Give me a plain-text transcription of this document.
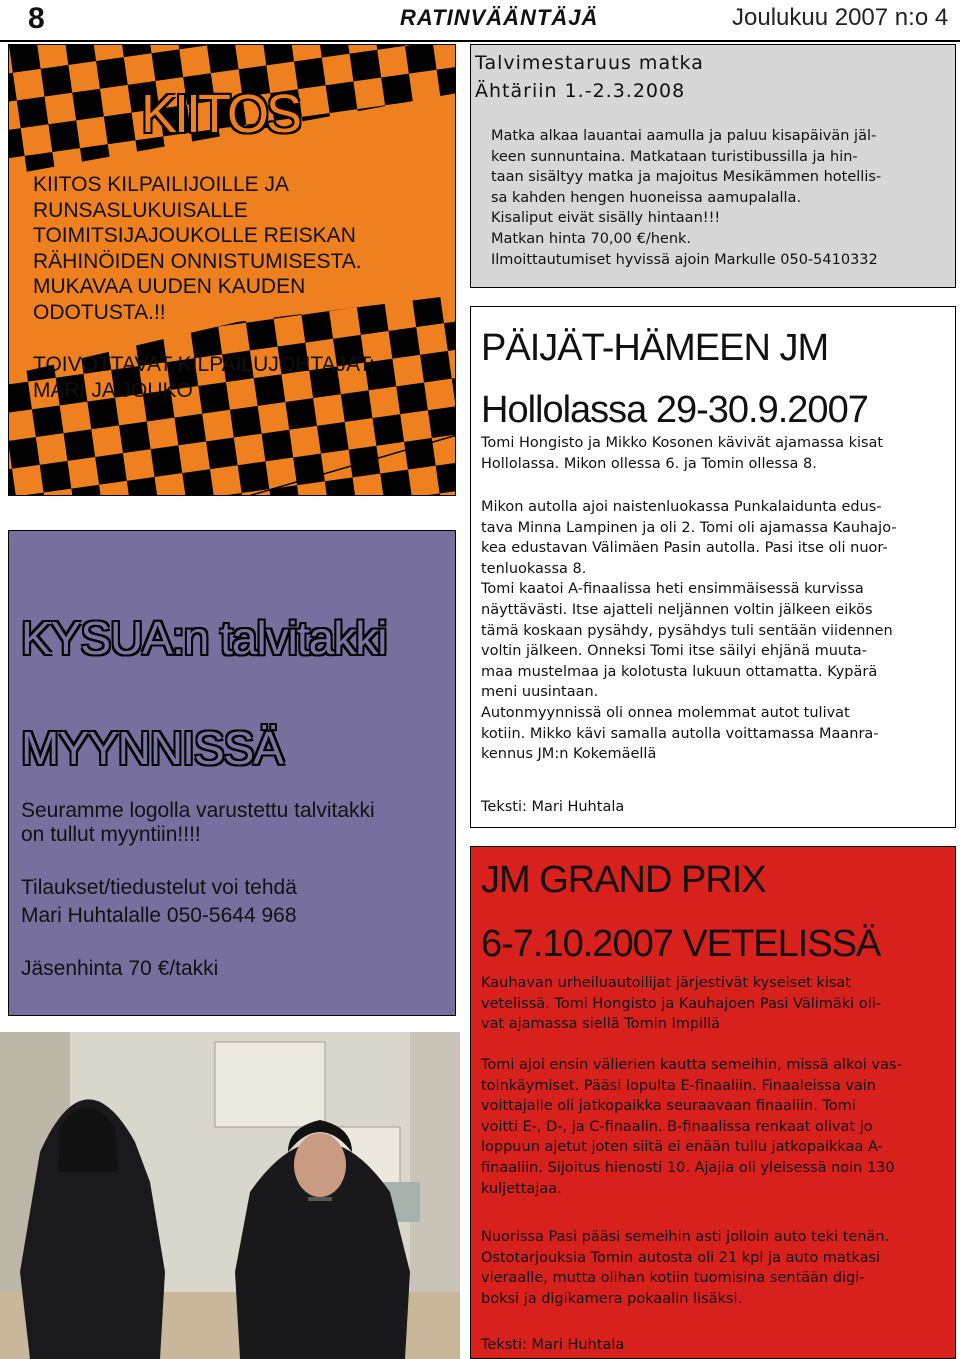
8	RATINVÄÄNTÄJÄ	Joulukuu 2007 n:o 4
KIITOS
KIITOS KILPAILIJOILLE JA
RUNSASLUKUISALLE
TOIMITSIJAJOUKOLLE REISKAN
RÄHINÖIDEN ONNISTUMISESTA.
MUKAVAA UUDEN KAUDEN
ODOTUSTA.!!
TOIVOTTAVAT KILPAILUJOHTAJAT:
MARI JA JOUKO
KYSUA:n talvitakki
MYYNNISSÄ
Seuramme logolla varustettu talvitakki
on tullut myyntiin!!!!
Tilaukset/tiedustelut voi tehdä
Mari Huhtalalle 050-5644 968
Jäsenhinta 70 €/takki
Talvimestaruus matka
Ähtäriin 1.-2.3.2008
Matka alkaa lauantai aamulla ja paluu kisapäivän jäl-
keen sunnuntaina. Matkataan turistibussilla ja hin-
taan sisältyy matka ja majoitus Mesikämmen hotellis-
sa kahden hengen huoneissa aamupalalla.
Kisaliput eivät sisälly hintaan!!!
Matkan hinta 70,00 €/henk.
Ilmoittautumiset hyvissä ajoin Markulle 050-5410332
PÄIJÄT-HÄMEEN JM
Hollolassa 29-30.9.2007
Tomi Hongisto ja Mikko Kosonen kävivät ajamassa kisat
Hollolassa. Mikon ollessa 6. ja Tomin ollessa 8.
Mikon autolla ajoi naistenluokassa Punkalaidunta edus-
tava Minna Lampinen ja oli 2. Tomi oli ajamassa Kauhajo-
kea edustavan Välimäen Pasin autolla. Pasi itse oli nuor-
tenluokassa 8.
Tomi kaatoi A-finaalissa heti ensimmäisessä kurvissa
näyttävästi. Itse ajatteli neljännen voltin jälkeen eikös
tämä koskaan pysähdy, pysähdys tuli sentään viidennen
voltin jälkeen. Onneksi Tomi itse säilyi ehjänä muuta-
maa mustelmaa ja kolotusta lukuun ottamatta. Kypärä
meni uusintaan.
Autonmyynnissä oli onnea molemmat autot tulivat
kotiin. Mikko kävi samalla autolla voittamassa Maanra-
kennus JM:n Kokemäellä
Teksti: Mari Huhtala
JM GRAND PRIX
6-7.10.2007 VETELISSÄ
Kauhavan urheiluautoilijat järjestivät kyseiset kisat
vetelissä. Tomi Hongisto ja Kauhajoen Pasi Välimäki oli-
vat ajamassa siellä Tomin Impillä
Tomi ajoi ensin välierien kautta semeihin, missä alkoi vas-
toinkäymiset. Pääsi lopulta E-finaaliin. Finaaleissa vain
voittajalle oli jatkopaikka seuraavaan finaaliin. Tomi
voitti E-, D-, ja C-finaalin. B-finaalissa renkaat olivat jo
loppuun ajetut joten siitä ei enään tullu jatkopaikkaa A-
finaaliin. Sijoitus hienosti 10. Ajajia oli yleisessä noin 130
kuljettajaa.
Nuorissa Pasi pääsi semeihin asti jolloin auto teki tenän.
Ostotarjouksia Tomin autosta oli 21 kpl ja auto matkasi
vieraalle, mutta olihan kotiin tuomisina sentään digi-
boksi ja digikamera pokaalin lisäksi.
Teksti: Mari Huhtala
